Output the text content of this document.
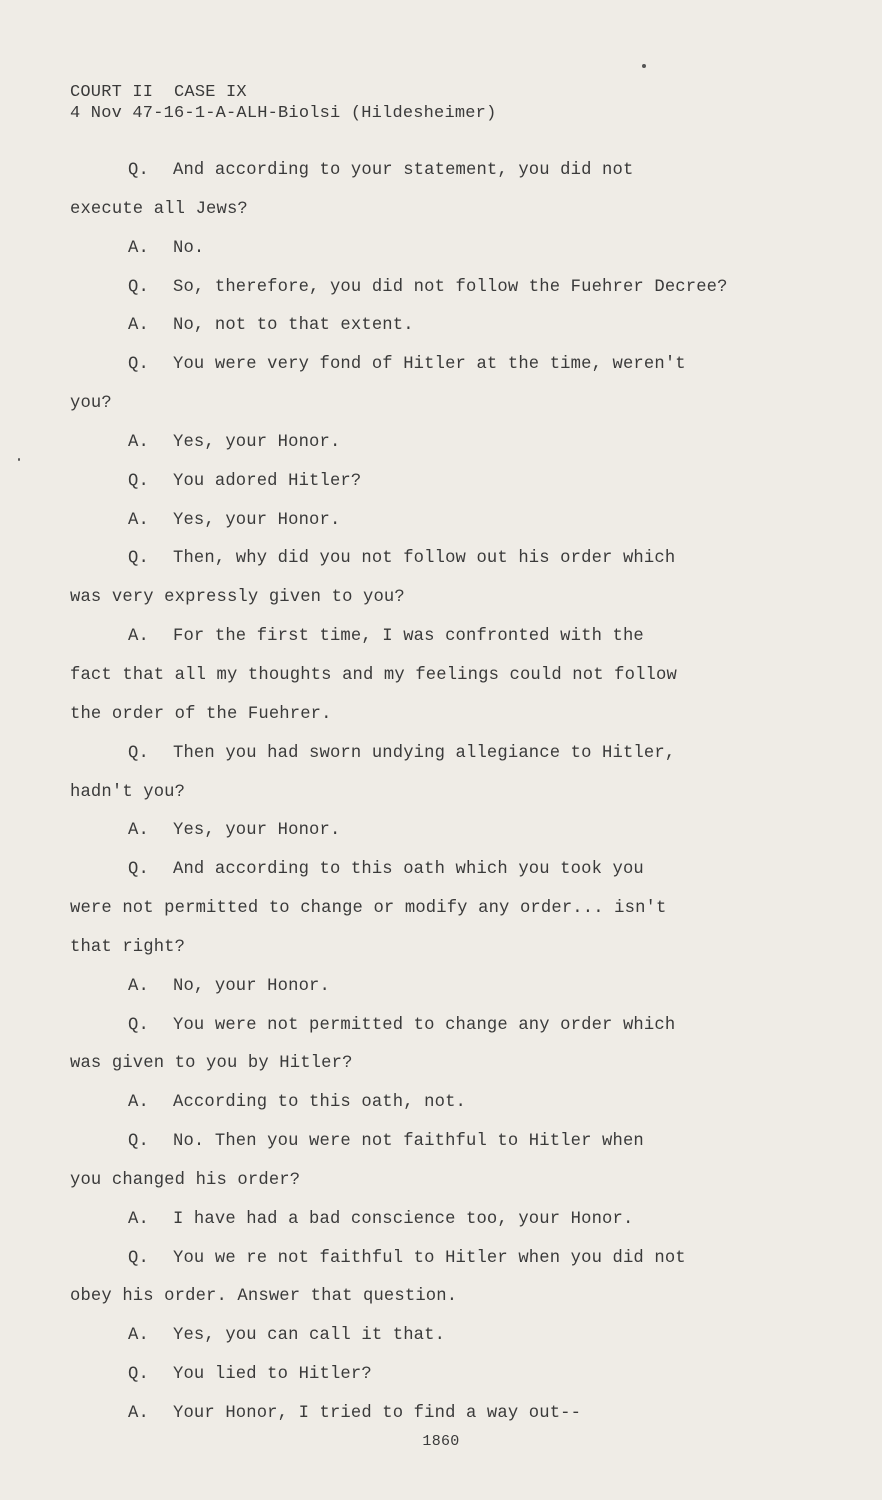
COURT II  CASE IX
4 Nov 47-16-1-A-ALH-Biolsi (Hildesheimer)
Q.	And according to your statement, you did not
execute all Jews?
A.	No.
Q.	So, therefore, you did not follow the Fuehrer Decree?
A.	No, not to that extent.
Q.	You were very fond of Hitler at the time, weren't
you?
A.	Yes, your Honor.
Q.	You adored Hitler?
A.	Yes, your Honor.
Q.	Then, why did you not follow out his order which
was very expressly given to you?
A.	For the first time, I was confronted with the
fact that all my thoughts and my feelings could not follow
the order of the Fuehrer.
Q.	Then you had sworn undying allegiance to Hitler,
hadn't you?
A.	Yes, your Honor.
Q.	And according to this oath which you took you
were not permitted to change or modify any order... isn't
that right?
A.	No, your Honor.
Q.	You were not permitted to change any order which
was given to you by Hitler?
A.	According to this oath, not.
Q.	No. Then you were not faithful to Hitler when
you changed his order?
A.	I have had a bad conscience too, your Honor.
Q.	You we re not faithful to Hitler when you did not
obey his order. Answer that question.
A.	Yes, you can call it that.
Q.	You lied to Hitler?
A.	Your Honor, I tried to find a way out--
1860
